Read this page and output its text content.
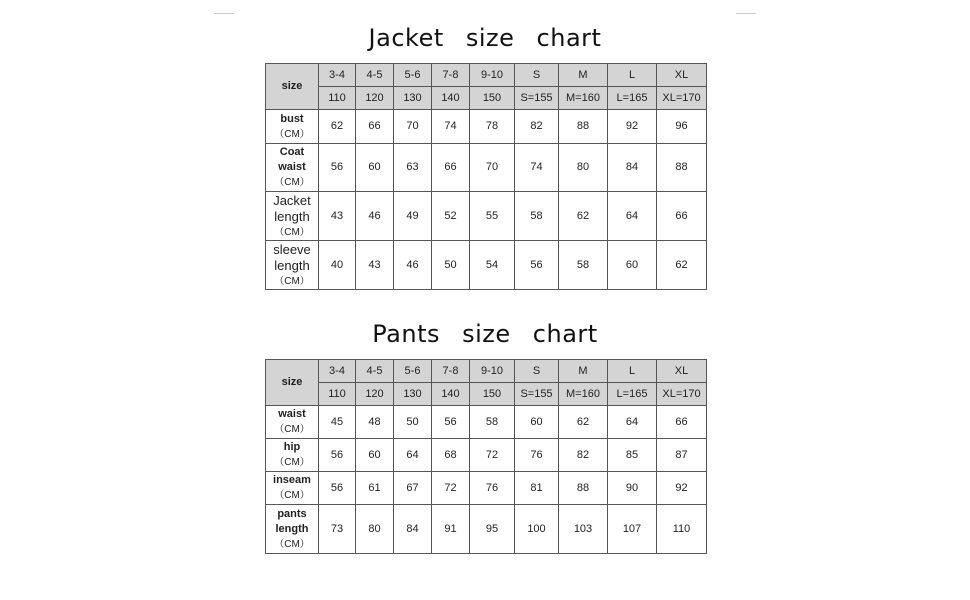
Jacket size chart
size	3-4	4-5	5-6	7-8	9-10	S	M	L	XL
	110	120	130	140	150	S=155	M=160	L=165	XL=170

bust
（CM）	62	66	70	74	78	82	88	92	96

Coat
waist
（CM）	56	60	63	66	70	74	80	84	88

Jacket
length
（CM）	43	46	49	52	55	58	62	64	66

sleeve
length
（CM）	40	43	46	50	54	56	58	60	62
Pants size chart
size	3-4	4-5	5-6	7-8	9-10	S	M	L	XL
	110	120	130	140	150	S=155	M=160	L=165	XL=170

waist
（CM）	45	48	50	56	58	60	62	64	66

hip
（CM）	56	60	64	68	72	76	82	85	87

inseam
（CM）	56	61	67	72	76	81	88	90	92

pants
length
（CM）	73	80	84	91	95	100	103	107	110
